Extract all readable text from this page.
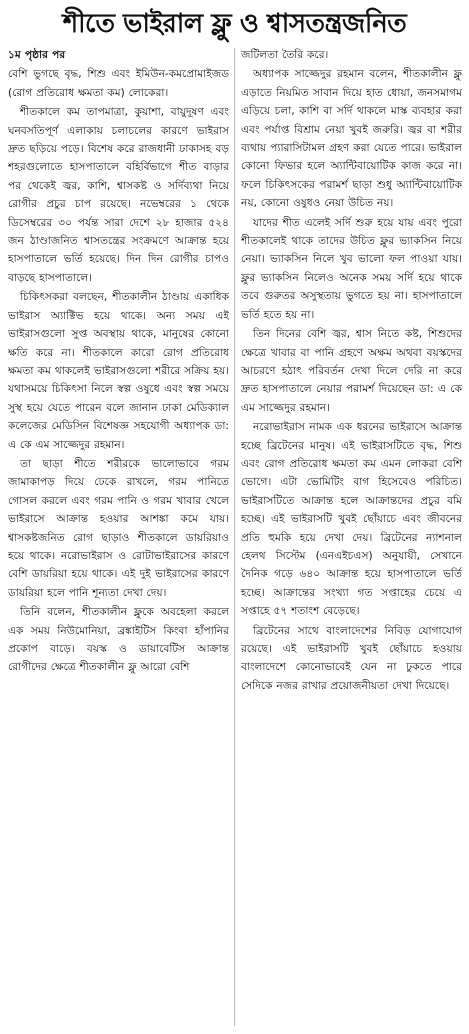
শীতে ভাইরাল ফ্লু ও শ্বাসতন্ত্রজনিত

১ম পৃষ্ঠার পর

বেশি ভুগছে বৃদ্ধ, শিশু এবং ইমিউন-কমপ্রোমাইজড (রোগ প্রতিরোধ ক্ষমতা কম) লোকেরা।

শীতকালে কম তাপমাত্রা, কুয়াশা, বায়ুদূষণ এবং ঘনবসতিপূর্ণ এলাকায় চলাচলের কারণে ভাইরাস দ্রুত ছড়িয়ে পড়ে। বিশেষ করে রাজধানী ঢাকাসহ বড় শহরগুলোতে হাসপাতালে বহির্বিভাগে শীত বাড়ার পর থেকেই জ্বর, কাশি, শ্বাসকষ্ট ও সর্দিব্যথা নিয়ে রোগীর প্রচুর চাপ রয়েছে। নভেম্বরের ১ থেকে ডিসেম্বরের ৩০ পর্যন্ত সারা দেশে ২৮ হাজার ৫২৪ জন ঠাণ্ডাজনিত শ্বাসতন্ত্রের সংক্রমণে আক্রান্ত হয়ে হাসপাতালে ভর্তি হয়েছে। দিন দিন রোগীর চাপও বাড়ছে হাসপাতালে।

চিকিৎসকরা বলছেন, শীতকালীন ঠাণ্ডায় একাধিক ভাইরাস অ্যাক্টিভ হয়ে থাকে। অন্য সময় এই ভাইরাসগুলো সুপ্ত অবস্থায় থাকে, মানুষের কোনো ক্ষতি করে না। শীতকালে কারো রোগ প্রতিরোধ ক্ষমতা কম থাকলেই ভাইরাসগুলো শরীরে সক্রিয় হয়। যথাসময়ে চিকিৎসা নিলে স্বল্প ওষুধে এবং স্বল্প সময়ে সুস্থ হয়ে যেতে পারেন বলে জানান ঢাকা মেডিক্যাল কলেজের মেডিসিন বিশেষজ্ঞ সহযোগী অধ্যাপক ডা: এ কে এম সাজ্জেদুর রহমান।

তা ছাড়া শীতে শরীরকে ভালোভাবে গরম জামাকাপড় দিয়ে ঢেকে রাখলে, গরম পানিতে গোসল করলে এবং গরম পানি ও গরম খাবার খেলে ভাইরাসে আক্রান্ত হওয়ার আশঙ্কা কমে যায়। শ্বাসকষ্টজনিত রোগ ছাড়াও শীতকালে ডায়রিয়াও হয়ে থাকে। নরোভাইরাস ও রোটাভাইরাসের কারণে বেশি ডায়রিয়া হয়ে থাকে। এই দুই ভাইরাসের কারণে ডায়রিয়া হলে পানি শূন্যতা দেখা দেয়।

তিনি বলেন, শীতকালীন ফ্লুকে অবহেলা করলে এক সময় নিউমোনিয়া, ব্রঙ্কাইটিস কিংবা হাঁপানির প্রকোপ বাড়ে। বয়স্ক ও ডায়াবেটিস আক্রান্ত রোগীদের ক্ষেত্রে শীতকালীন ফ্লু আরো বেশি

জটিলতা তৈরি করে।

অধ্যাপক সাজ্জেদুর রহমান বলেন, শীতকালীন ফ্লু এড়াতে নিয়মিত সাবান দিয়ে হাত ধোয়া, জনসমাগম এড়িয়ে চলা, কাশি বা সর্দি থাকলে মাস্ক ব্যবহার করা এবং পর্যাপ্ত বিশ্রাম নেয়া খুবই জরুরি। জ্বর বা শরীর ব্যথায় প্যারাসিটামল গ্রহণ করা যেতে পারে। ভাইরাল কোনো ফিভার হলে অ্যান্টিবায়োটিক কাজ করে না। ফলে চিকিৎসকের পরামর্শ ছাড়া শুধু অ্যান্টিবায়োটিক নয়, কোনো ওষুধও নেয়া উচিত নয়।

যাদের শীত এলেই সর্দি শুরু হয়ে যায় এবং পুরো শীতকালেই থাকে তাদের উচিত ফ্লুর ভ্যাকসিন নিয়ে নেয়া। ভ্যাকসিন নিলে খুব ভালো ফল পাওয়া যায়। ফ্লুর ভ্যাকসিন নিলেও অনেক সময় সর্দি হয়ে থাকে তবে গুরুতর অসুস্থতায় ভুগতে হয় না। হাসপাতালে ভর্তি হতে হয় না।

তিন দিনের বেশি জ্বর, শ্বাস নিতে কষ্ট, শিশুদের ক্ষেত্রে খাবার বা পানি গ্রহণে অক্ষম অথবা বয়স্কদের আচরণে হঠাৎ পরিবর্তন দেখা দিলে দেরি না করে দ্রুত হাসপাতালে নেয়ার পরামর্শ দিয়েছেন ডা: এ কে এম সাজ্জেদুর রহমান।

নরোভাইরাস নামক এক ধরনের ভাইরাসে আক্রান্ত হচ্ছে ব্রিটেনের মানুষ। এই ভাইরাসটিতে বৃদ্ধ, শিশু এবং রোগ প্রতিরোধ ক্ষমতা কম এমন লোকরা বেশি ভোগে। এটা ভোমিটিং বাগ হিসেবেও পরিচিত। ভাইরাসটিতে আক্রান্ত হলে আক্রান্তদের প্রচুর বমি হচ্ছে। এই ভাইরাসটি খুবই ছোঁয়াচে এবং জীবনের প্রতি হুমকি হয়ে দেখা দেয়। ব্রিটেনের ন্যাশনাল হেলথ সিস্টেম (এনএইচএস) অনুযায়ী, সেখানে দৈনিক গড়ে ৬৪০ আক্রান্ত হয়ে হাসপাতালে ভর্তি হচ্ছে। আক্রান্তের সংখ্যা গত সপ্তাহের চেয়ে এ সপ্তাহে ৫৭ শতাংশ বেড়েছে।

ব্রিটেনের সাথে বাংলাদেশের নিবিড় যোগাযোগ রয়েছে। এই ভাইরাসটি খুবই ছোঁয়াচে হওয়ায় বাংলাদেশে কোনোভাবেই যেন না ঢুকতে পারে সেদিকে নজর রাখার প্রয়োজনীয়তা দেখা দিয়েছে।
